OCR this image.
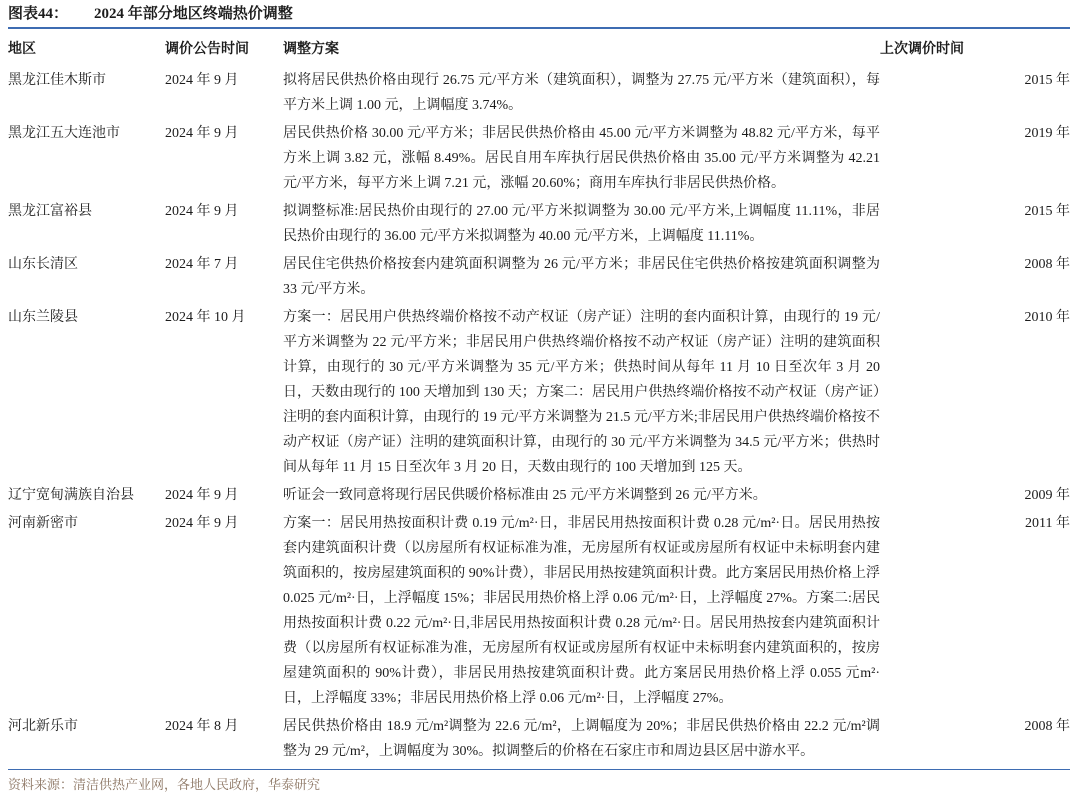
图表44： 2024 年部分地区终端热价调整
地区	调价公告时间	调整方案	上次调价时间
黑龙江佳木斯市	2024 年 9 月	拟将居民供热价格由现行 26.75 元/平方米（建筑面积），调整为 27.75 元/平方米（建筑面积），每平方米上调 1.00 元，上调幅度 3.74%。	2015 年
黑龙江五大连池市	2024 年 9 月	居民供热价格 30.00 元/平方米；非居民供热价格由 45.00 元/平方米调整为 48.82 元/平方米，每平方米上调 3.82 元，涨幅 8.49%。居民自用车库执行居民供热价格由 35.00 元/平方米调整为 42.21 元/平方米，每平方米上调 7.21 元，涨幅 20.60%；商用车库执行非居民供热价格。	2019 年
黑龙江富裕县	2024 年 9 月	拟调整标准:居民热价由现行的 27.00 元/平方米拟调整为 30.00 元/平方米,上调幅度 11.11%，非居民热价由现行的 36.00 元/平方米拟调整为 40.00 元/平方米，上调幅度 11.11%。	2015 年
山东长清区	2024 年 7 月	居民住宅供热价格按套内建筑面积调整为 26 元/平方米；非居民住宅供热价格按建筑面积调整为 33 元/平方米。	2008 年
山东兰陵县	2024 年 10 月	方案一：居民用户供热终端价格按不动产权证（房产证）注明的套内面积计算，由现行的 19 元/平方米调整为 22 元/平方米；非居民用户供热终端价格按不动产权证（房产证）注明的建筑面积计算，由现行的 30 元/平方米调整为 35 元/平方米；供热时间从每年 11 月 10 日至次年 3 月 20 日，天数由现行的 100 天增加到 130 天；方案二：居民用户供热终端价格按不动产权证（房产证）注明的套内面积计算，由现行的 19 元/平方米调整为 21.5 元/平方米;非居民用户供热终端价格按不动产权证（房产证）注明的建筑面积计算，由现行的 30 元/平方米调整为 34.5 元/平方米；供热时间从每年 11 月 15 日至次年 3 月 20 日，天数由现行的 100 天增加到 125 天。	2010 年
辽宁宽甸满族自治县	2024 年 9 月	听证会一致同意将现行居民供暖价格标准由 25 元/平方米调整到 26 元/平方米。	2009 年
河南新密市	2024 年 9 月	方案一：居民用热按面积计费 0.19 元/m²·日，非居民用热按面积计费 0.28 元/m²·日。居民用热按套内建筑面积计费（以房屋所有权证标准为准，无房屋所有权证或房屋所有权证中未标明套内建筑面积的，按房屋建筑面积的 90%计费），非居民用热按建筑面积计费。此方案居民用热价格上浮 0.025 元/m²·日，上浮幅度 15%；非居民用热价格上浮 0.06 元/m²·日，上浮幅度 27%。方案二:居民用热按面积计费 0.22 元/m²·日,非居民用热按面积计费 0.28 元/m²·日。居民用热按套内建筑面积计费（以房屋所有权证标准为准，无房屋所有权证或房屋所有权证中未标明套内建筑面积的，按房屋建筑面积的 90%计费），非居民用热按建筑面积计费。此方案居民用热价格上浮 0.055 元m²·日，上浮幅度 33%；非居民用热价格上浮 0.06 元/m²·日，上浮幅度 27%。	2011 年
河北新乐市	2024 年 8 月	居民供热价格由 18.9 元/m²调整为 22.6 元/m²，上调幅度为 20%；非居民供热价格由 22.2 元/m²调整为 29 元/m²，上调幅度为 30%。拟调整后的价格在石家庄市和周边县区居中游水平。	2008 年
资料来源：清洁供热产业网，各地人民政府，华泰研究
